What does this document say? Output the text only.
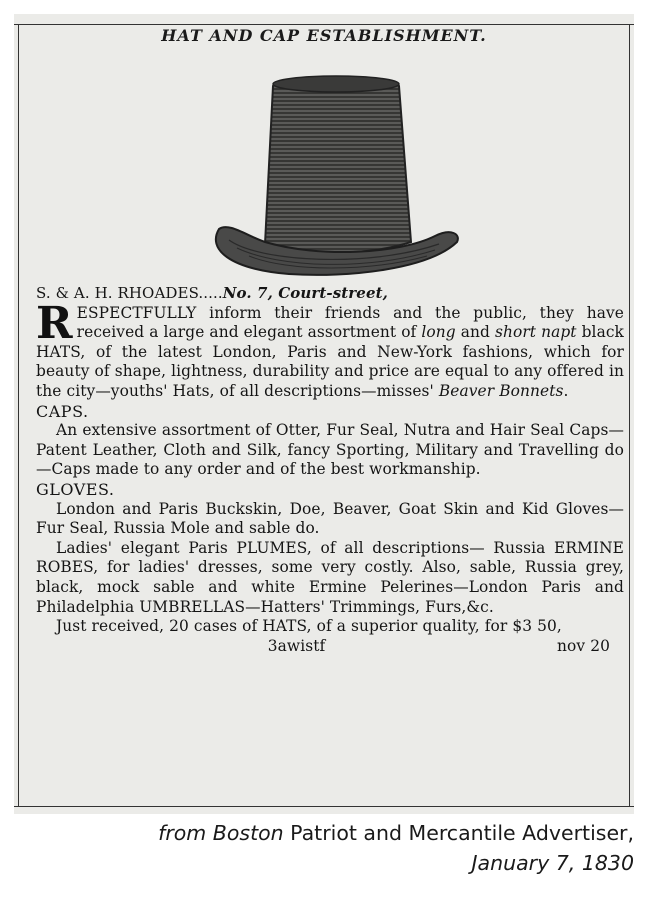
HAT AND CAP ESTABLISHMENT.

S. & A. H. RHOADES.....No. 7, Court-street,

RESPECTFULLY inform their friends and the public, they have received a large and elegant assortment of long and short napt black HATS, of the latest London, Paris and New-York fashions, which for beauty of shape, lightness, durability and price are equal to any offered in the city—youths' Hats, of all descriptions—misses' Beaver Bonnets.

CAPS.

An extensive assortment of Otter, Fur Seal, Nutra and Hair Seal Caps—Patent Leather, Cloth and Silk, fancy Sporting, Military and Travelling do—Caps made to any order and of the best workmanship.

GLOVES.

London and Paris Buckskin, Doe, Beaver, Goat Skin and Kid Gloves—Fur Seal, Russia Mole and sable do.

Ladies' elegant Paris PLUMES, of all descriptions— Russia ERMINE ROBES, for ladies' dresses, some very costly. Also, sable, Russia grey, black, mock sable and white Ermine Pelerines—London Paris and Philadelphia UMBRELLAS—Hatters' Trimmings, Furs,&c.

Just received, 20 cases of HATS, of a superior quality, for $3 50,

3awistf	nov 20

from Boston Patriot and Mercantile Advertiser,
January 7, 1830
